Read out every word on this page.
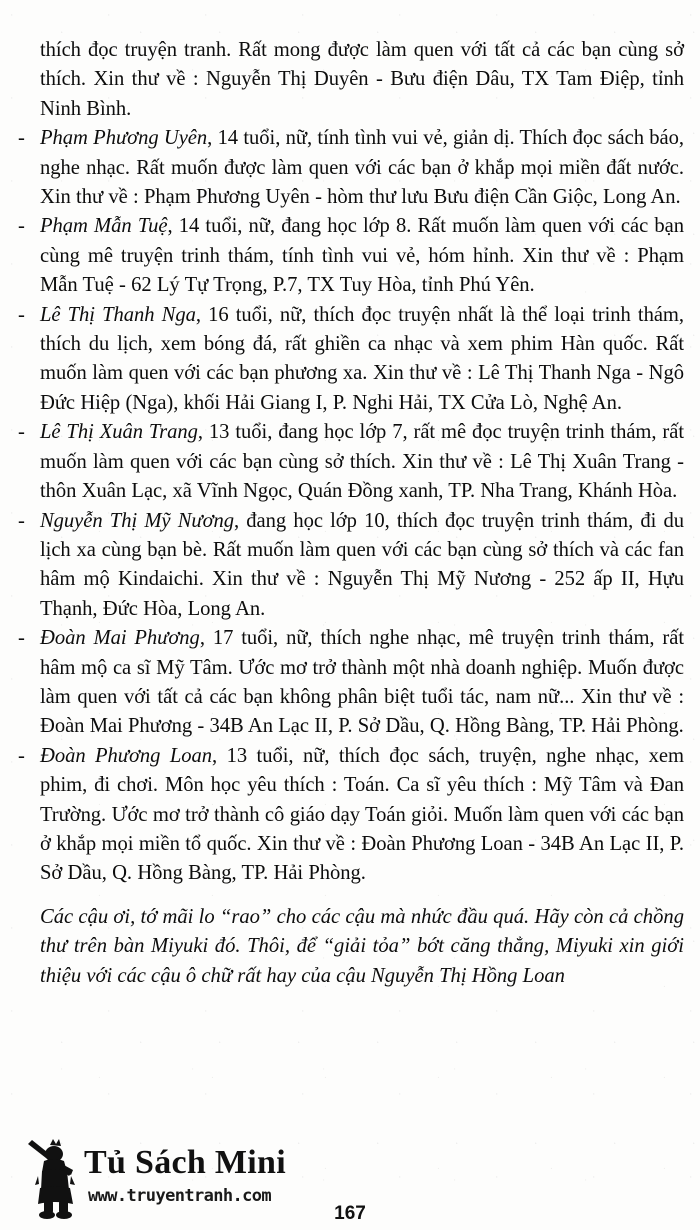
thích đọc truyện tranh. Rất mong được làm quen với tất cả các bạn cùng sở thích. Xin thư về : Nguyễn Thị Duyên - Bưu điện Dâu, TX Tam Điệp, tỉnh Ninh Bình.

- Phạm Phương Uyên, 14 tuổi, nữ, tính tình vui vẻ, giản dị. Thích đọc sách báo, nghe nhạc. Rất muốn được làm quen với các bạn ở khắp mọi miền đất nước. Xin thư về : Phạm Phương Uyên - hòm thư lưu Bưu điện Cần Giộc, Long An.

- Phạm Mẫn Tuệ, 14 tuổi, nữ, đang học lớp 8. Rất muốn làm quen với các bạn cùng mê truyện trinh thám, tính tình vui vẻ, hóm hỉnh. Xin thư về : Phạm Mẫn Tuệ - 62 Lý Tự Trọng, P.7, TX Tuy Hòa, tỉnh Phú Yên.

- Lê Thị Thanh Nga, 16 tuổi, nữ, thích đọc truyện nhất là thể loại trinh thám, thích du lịch, xem bóng đá, rất ghiền ca nhạc và xem phim Hàn quốc. Rất muốn làm quen với các bạn phương xa. Xin thư về : Lê Thị Thanh Nga - Ngô Đức Hiệp (Nga), khối Hải Giang I, P. Nghi Hải, TX Cửa Lò, Nghệ An.

- Lê Thị Xuân Trang, 13 tuổi, đang học lớp 7, rất mê đọc truyện trinh thám, rất muốn làm quen với các bạn cùng sở thích. Xin thư về : Lê Thị Xuân Trang - thôn Xuân Lạc, xã Vĩnh Ngọc, Quán Đồng xanh, TP. Nha Trang, Khánh Hòa.

- Nguyễn Thị Mỹ Nương, đang học lớp 10, thích đọc truyện trinh thám, đi du lịch xa cùng bạn bè. Rất muốn làm quen với các bạn cùng sở thích và các fan hâm mộ Kindaichi. Xin thư về : Nguyễn Thị Mỹ Nương - 252 ấp II, Hựu Thạnh, Đức Hòa, Long An.

- Đoàn Mai Phương, 17 tuổi, nữ, thích nghe nhạc, mê truyện trinh thám, rất hâm mộ ca sĩ Mỹ Tâm. Ước mơ trở thành một nhà doanh nghiệp. Muốn được làm quen với tất cả các bạn không phân biệt tuổi tác, nam nữ... Xin thư về : Đoàn Mai Phương - 34B An Lạc II, P. Sở Dầu, Q. Hồng Bàng, TP. Hải Phòng.

- Đoàn Phương Loan, 13 tuổi, nữ, thích đọc sách, truyện, nghe nhạc, xem phim, đi chơi. Môn học yêu thích : Toán. Ca sĩ yêu thích : Mỹ Tâm và Đan Trường. Ước mơ trở thành cô giáo dạy Toán giỏi. Muốn làm quen với các bạn ở khắp mọi miền tổ quốc. Xin thư về : Đoàn Phương Loan - 34B An Lạc II, P. Sở Dầu, Q. Hồng Bàng, TP. Hải Phòng.

Các cậu ơi, tớ mãi lo “rao” cho các cậu mà nhức đầu quá. Hãy còn cả chồng thư trên bàn Miyuki đó. Thôi, để “giải tỏa” bớt căng thẳng, Miyuki xin giới thiệu với các cậu ô chữ rất hay của cậu Nguyễn Thị Hồng Loan

Tủ Sách Mini
www.truyentranh.com
167
